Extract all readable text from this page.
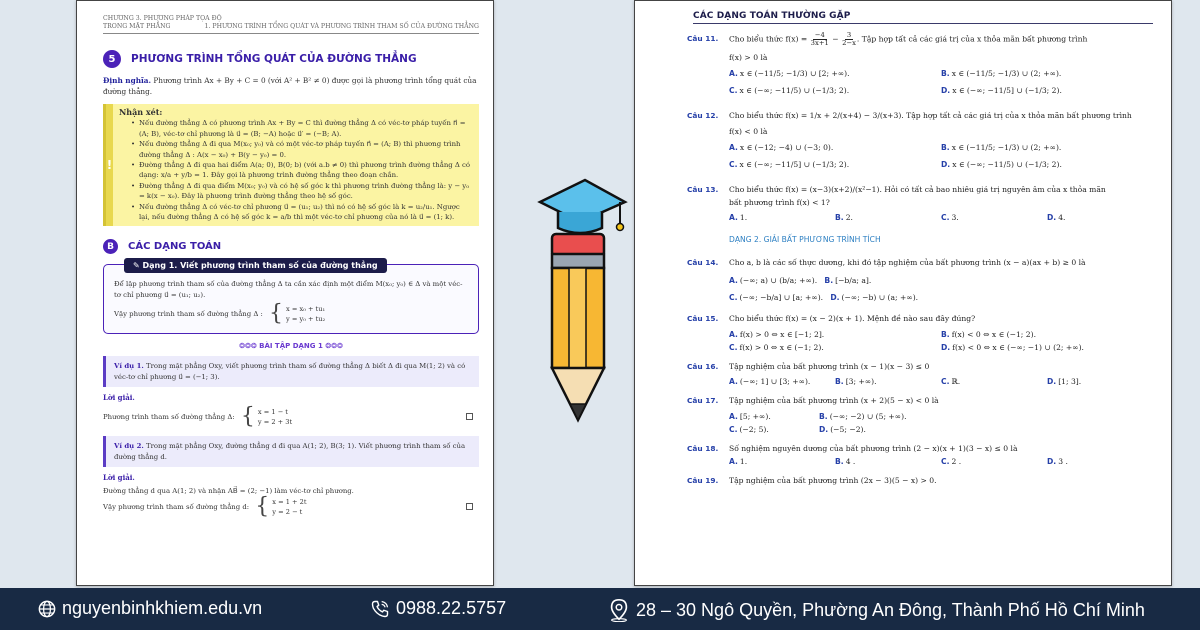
CHƯƠNG 3. PHƯƠNG PHÁP TỌA ĐỘ
TRONG MẶT PHẲNG	1. PHƯƠNG TRÌNH TỔNG QUÁT VÀ PHƯƠNG TRÌNH THAM SỐ CỦA ĐƯỜNG THẲNG
5	PHƯƠNG TRÌNH TỔNG QUÁT CỦA ĐƯỜNG THẲNG
Định nghĩa. Phương trình Ax + By + C = 0 (với A² + B² ≠ 0) được gọi là phương trình tổng quát của đường thẳng.
!
Nhận xét:
• Nếu đường thẳng Δ có phương trình Ax + By = C thì đường thẳng Δ có véc-tơ pháp tuyến n⃗ = (A; B), véc-tơ chỉ phương là u⃗ = (B; −A) hoặc u⃗′ = (−B; A).
• Nếu đường thẳng Δ đi qua M(x₀; y₀) và có một véc-tơ pháp tuyến n⃗ = (A; B) thì phương trình đường thẳng Δ : A(x − x₀) + B(y − y₀) = 0.
• Đường thẳng Δ đi qua hai điểm A(a; 0), B(0; b) (với a.b ≠ 0) thì phương trình đường thẳng Δ có dạng: x/a + y/b = 1. Đây gọi là phương trình đường thẳng theo đoạn chắn.
• Đường thẳng Δ đi qua điểm M(x₀; y₀) và có hệ số góc k thì phương trình đường thẳng là: y − y₀ = k(x − x₀). Đây là phương trình đường thẳng theo hệ số góc.
• Nếu đường thẳng Δ có véc-tơ chỉ phương u⃗ = (u₁; u₂) thì nó có hệ số góc là k = u₂/u₁. Ngược lại, nếu đường thẳng Δ có hệ số góc k = a/b thì một véc-tơ chỉ phương của nó là u⃗ = (1; k).
B	CÁC DẠNG TOÁN
✎ Dạng 1. Viết phương trình tham số của đường thẳng

Để lập phương trình tham số của đường thẳng Δ ta cần xác định một điểm M(x₀; y₀) ∈ Δ và một véc-tơ chỉ phương u⃗ = (u₁; u₂).

Vậy phương trình tham số đường thẳng Δ : { x = x₀ + tu₁
y = y₀ + tu₂

❂❂❂ BÀI TẬP DẠNG 1 ❂❂❂
Ví dụ 1. Trong mặt phẳng Oxy, viết phương trình tham số đường thẳng Δ biết Δ đi qua M(1; 2) và có véc-tơ chỉ phương u⃗ = (−1; 3).
Lời giải.
Phương trình tham số đường thẳng Δ: { x = 1 − t
y = 2 + 3t
Ví dụ 2. Trong mặt phẳng Oxy, đường thẳng d đi qua A(1; 2), B(3; 1). Viết phương trình tham số của đường thẳng d.
Lời giải.
Đường thẳng d qua A(1; 2) và nhận AB⃗ = (2; −1) làm véc-tơ chỉ phương.
Vậy phương trình tham số đường thẳng d: { x = 1 + 2t
y = 2 − t
CÁC DẠNG TOÁN THƯỜNG GẶP
Câu 11.	Cho biểu thức $f(x) = \frac{-4}{3x+1} - \frac{3}{2-x}$ . Tập hợp tất cả các giá trị của x thỏa mãn bất phương trình
f(x) > 0 là
A. x ∈ (−11/5; −1/3) ∪ [2; +∞).	B. x ∈ (−11/5; −1/3) ∪ (2; +∞).
C. x ∈ (−∞; −11/5) ∪ (−1/3; 2).	D. x ∈ (−∞; −11/5] ∪ (−1/3; 2).
Câu 12.	Cho biểu thức f(x) = 1/x + 2/(x+4) − 3/(x+3). Tập hợp tất cả các giá trị của x thỏa mãn bất phương trình
f(x) < 0 là
A. x ∈ (−12; −4) ∪ (−3; 0).	B. x ∈ (−11/5; −1/3) ∪ (2; +∞).
C. x ∈ (−∞; −11/5] ∪ (−1/3; 2).	D. x ∈ (−∞; −11/5) ∪ (−1/3; 2).
Câu 13.	Cho biểu thức f(x) = (x−3)(x+2)/(x²−1). Hỏi có tất cả bao nhiêu giá trị nguyên âm của x thỏa mãn
bất phương trình f(x) < 1?
A. 1.	B. 2.	C. 3.	D. 4.
DẠNG 2. GIẢI BẤT PHƯƠNG TRÌNH TÍCH
Câu 14.	Cho a, b là các số thực dương, khi đó tập nghiệm của bất phương trình (x − a)(ax + b) ≥ 0 là
A. (−∞; a) ∪ (b/a; +∞). B. [−b/a; a].
C. (−∞; −b/a] ∪ [a; +∞). D. (−∞; −b) ∪ (a; +∞).
Câu 15.	Cho biểu thức f(x) = (x − 2)(x + 1). Mệnh đề nào sau đây đúng?
A. f(x) > 0 ⇔ x ∈ [−1; 2].	B. f(x) < 0 ⇔ x ∈ (−1; 2).
C. f(x) > 0 ⇔ x ∈ (−1; 2).	D. f(x) < 0 ⇔ x ∈ (−∞; −1) ∪ (2; +∞).
Câu 16.	Tập nghiệm của bất phương trình (x − 1)(x − 3) ≤ 0
A. (−∞; 1] ∪ [3; +∞).	B. [3; +∞).	C. ℝ.	D. [1; 3].
Câu 17.	Tập nghiệm của bất phương trình (x + 2)(5 − x) < 0 là
A. [5; +∞).	B. (−∞; −2) ∪ (5; +∞).
C. (−2; 5).	D. (−5; −2).
Câu 18.	Số nghiệm nguyên dương của bất phương trình (2 − x)(x + 1)(3 − x) ≤ 0 là
A. 1.	B. 4 .	C. 2 .	D. 3 .
Câu 19.	Tập nghiệm của bất phương trình (2x − 3)(5 − x) > 0.
nguyenbinhkhiem.edu.vn	0988.22.5757	28 – 30 Ngô Quyền, Phường An Đông, Thành Phố Hồ Chí Minh
